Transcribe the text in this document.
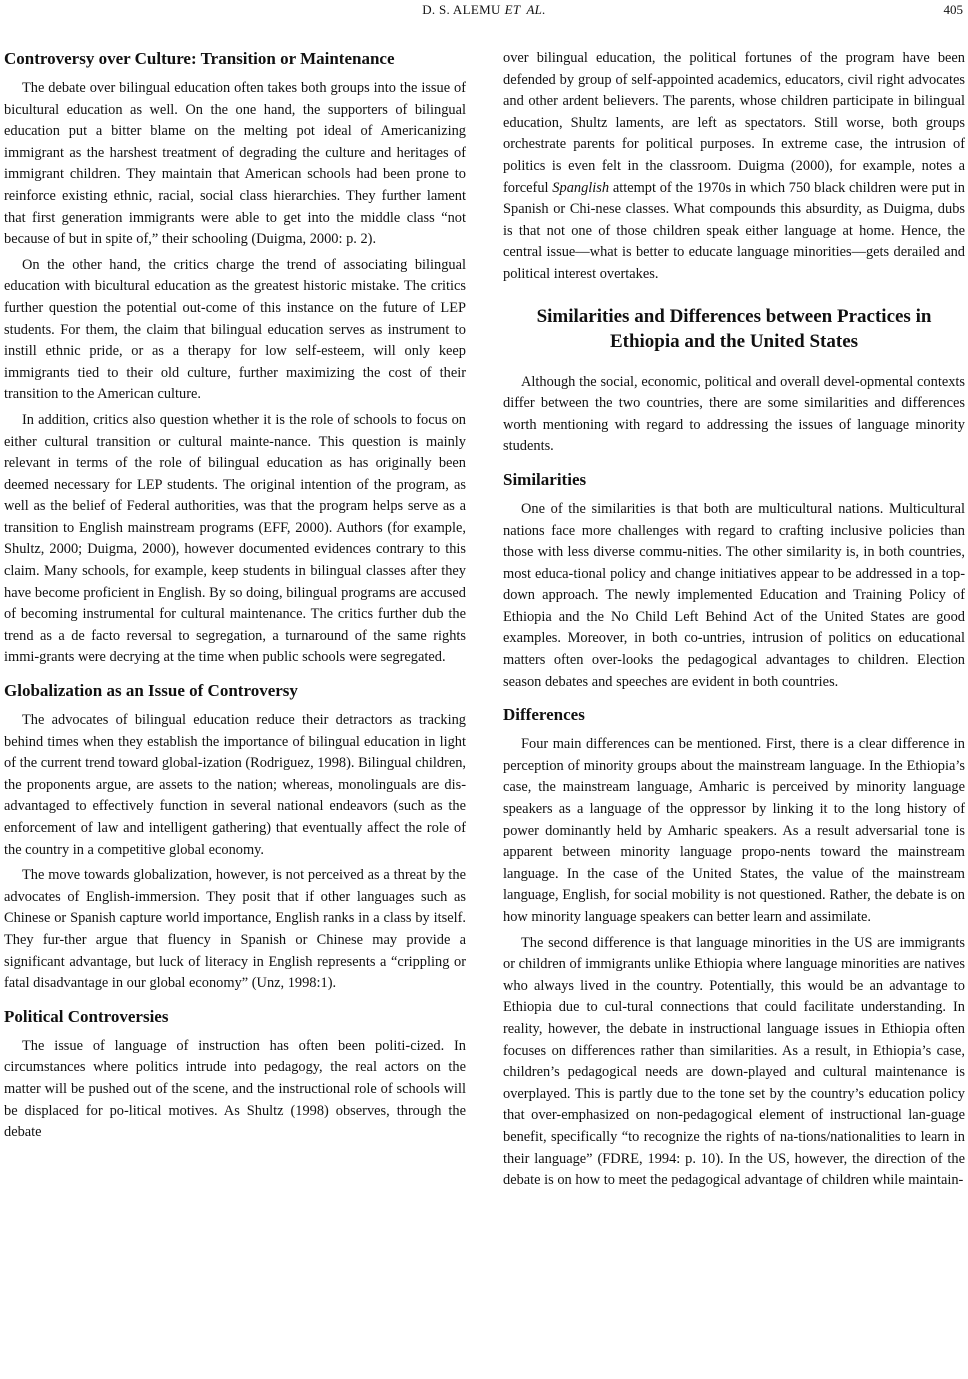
D. S. ALEMU ET AL.	405
Controversy over Culture: Transition or Maintenance

The debate over bilingual education often takes both groups into the issue of bicultural education as well. On the one hand, the supporters of bilingual education put a bitter blame on the melting pot ideal of Americanizing immigrant as the harshest treatment of degrading the culture and heritages of immigrant children. They maintain that American schools had been prone to reinforce existing ethnic, racial, social class hierarchies. They further lament that first generation immigrants were able to get into the middle class “not because of but in spite of,” their schooling (Duigma, 2000: p. 2).

On the other hand, the critics charge the trend of associating bilingual education with bicultural education as the greatest historic mistake. The critics further question the potential out-come of this instance on the future of LEP students. For them, the claim that bilingual education serves as instrument to instill ethnic pride, or as a therapy for low self-esteem, will only keep immigrants tied to their old culture, further maximizing the cost of their transition to the American culture.

In addition, critics also question whether it is the role of schools to focus on either cultural transition or cultural mainte-nance. This question is mainly relevant in terms of the role of bilingual education as has originally been deemed necessary for LEP students. The original intention of the program, as well as the belief of Federal authorities, was that the program helps serve as a transition to English mainstream programs (EFF, 2000). Authors (for example, Shultz, 2000; Duigma, 2000), however documented evidences contrary to this claim. Many schools, for example, keep students in bilingual classes after they have become proficient in English. By so doing, bilingual programs are accused of becoming instrumental for cultural maintenance. The critics further dub the trend as a de facto reversal to segregation, a turnaround of the same rights immi-grants were decrying at the time when public schools were segregated.

Globalization as an Issue of Controversy

The advocates of bilingual education reduce their detractors as tracking behind times when they establish the importance of bilingual education in light of the current trend toward global-ization (Rodriguez, 1998). Bilingual children, the proponents argue, are assets to the nation; whereas, monolinguals are dis-advantaged to effectively function in several national endeavors (such as the enforcement of law and intelligent gathering) that eventually affect the role of the country in a competitive global economy.

The move towards globalization, however, is not perceived as a threat by the advocates of English-immersion. They posit that if other languages such as Chinese or Spanish capture world importance, English ranks in a class by itself. They fur-ther argue that fluency in Spanish or Chinese may provide a significant advantage, but luck of literacy in English represents a “crippling or fatal disadvantage in our global economy” (Unz, 1998:1).

Political Controversies

The issue of language of instruction has often been politi-cized. In circumstances where politics intrude into pedagogy, the real actors on the matter will be pushed out of the scene, and the instructional role of schools will be displaced for po-litical motives. As Shultz (1998) observes, through the debate

over bilingual education, the political fortunes of the program have been defended by group of self-appointed academics, educators, civil right advocates and other ardent believers. The parents, whose children participate in bilingual education, Shultz laments, are left as spectators. Still worse, both groups orchestrate parents for political purposes. In extreme case, the intrusion of politics is even felt in the classroom. Duigma (2000), for example, notes a forceful Spanglish attempt of the 1970s in which 750 black children were put in Spanish or Chi-nese classes. What compounds this absurdity, as Duigma, dubs is that not one of those children speak either language at home. Hence, the central issue—what is better to educate language minorities—gets derailed and political interest overtakes.

Similarities and Differences between Practices in Ethiopia and the United States

Although the social, economic, political and overall devel-opmental contexts differ between the two countries, there are some similarities and differences worth mentioning with regard to addressing the issues of language minority students.

Similarities

One of the similarities is that both are multicultural nations. Multicultural nations face more challenges with regard to crafting inclusive policies than those with less diverse commu-nities. The other similarity is, in both countries, most educa-tional policy and change initiatives appear to be addressed in a top-down approach. The newly implemented Education and Training Policy of Ethiopia and the No Child Left Behind Act of the United States are good examples. Moreover, in both co-untries, intrusion of politics on educational matters often over-looks the pedagogical advantages to children. Election season debates and speeches are evident in both countries.

Differences

Four main differences can be mentioned. First, there is a clear difference in perception of minority groups about the mainstream language. In the Ethiopia’s case, the mainstream language, Amharic is perceived by minority language speakers as a language of the oppressor by linking it to the long history of power dominantly held by Amharic speakers. As a result adversarial tone is apparent between minority language propo-nents toward the mainstream language. In the case of the United States, the value of the mainstream language, English, for social mobility is not questioned. Rather, the debate is on how minority language speakers can better learn and assimilate.

The second difference is that language minorities in the US are immigrants or children of immigrants unlike Ethiopia where language minorities are natives who always lived in the country. Potentially, this would be an advantage to Ethiopia due to cul-tural connections that could facilitate understanding. In reality, however, the debate in instructional language issues in Ethiopia often focuses on differences rather than similarities. As a result, in Ethiopia’s case, children’s pedagogical needs are down-played and cultural maintenance is overplayed. This is partly due to the tone set by the country’s education policy that over-emphasized on non-pedagogical element of instructional lan-guage benefit, specifically “to recognize the rights of na-tions/nationalities to learn in their language” (FDRE, 1994: p. 10). In the US, however, the direction of the debate is on how to meet the pedagogical advantage of children while maintain-
